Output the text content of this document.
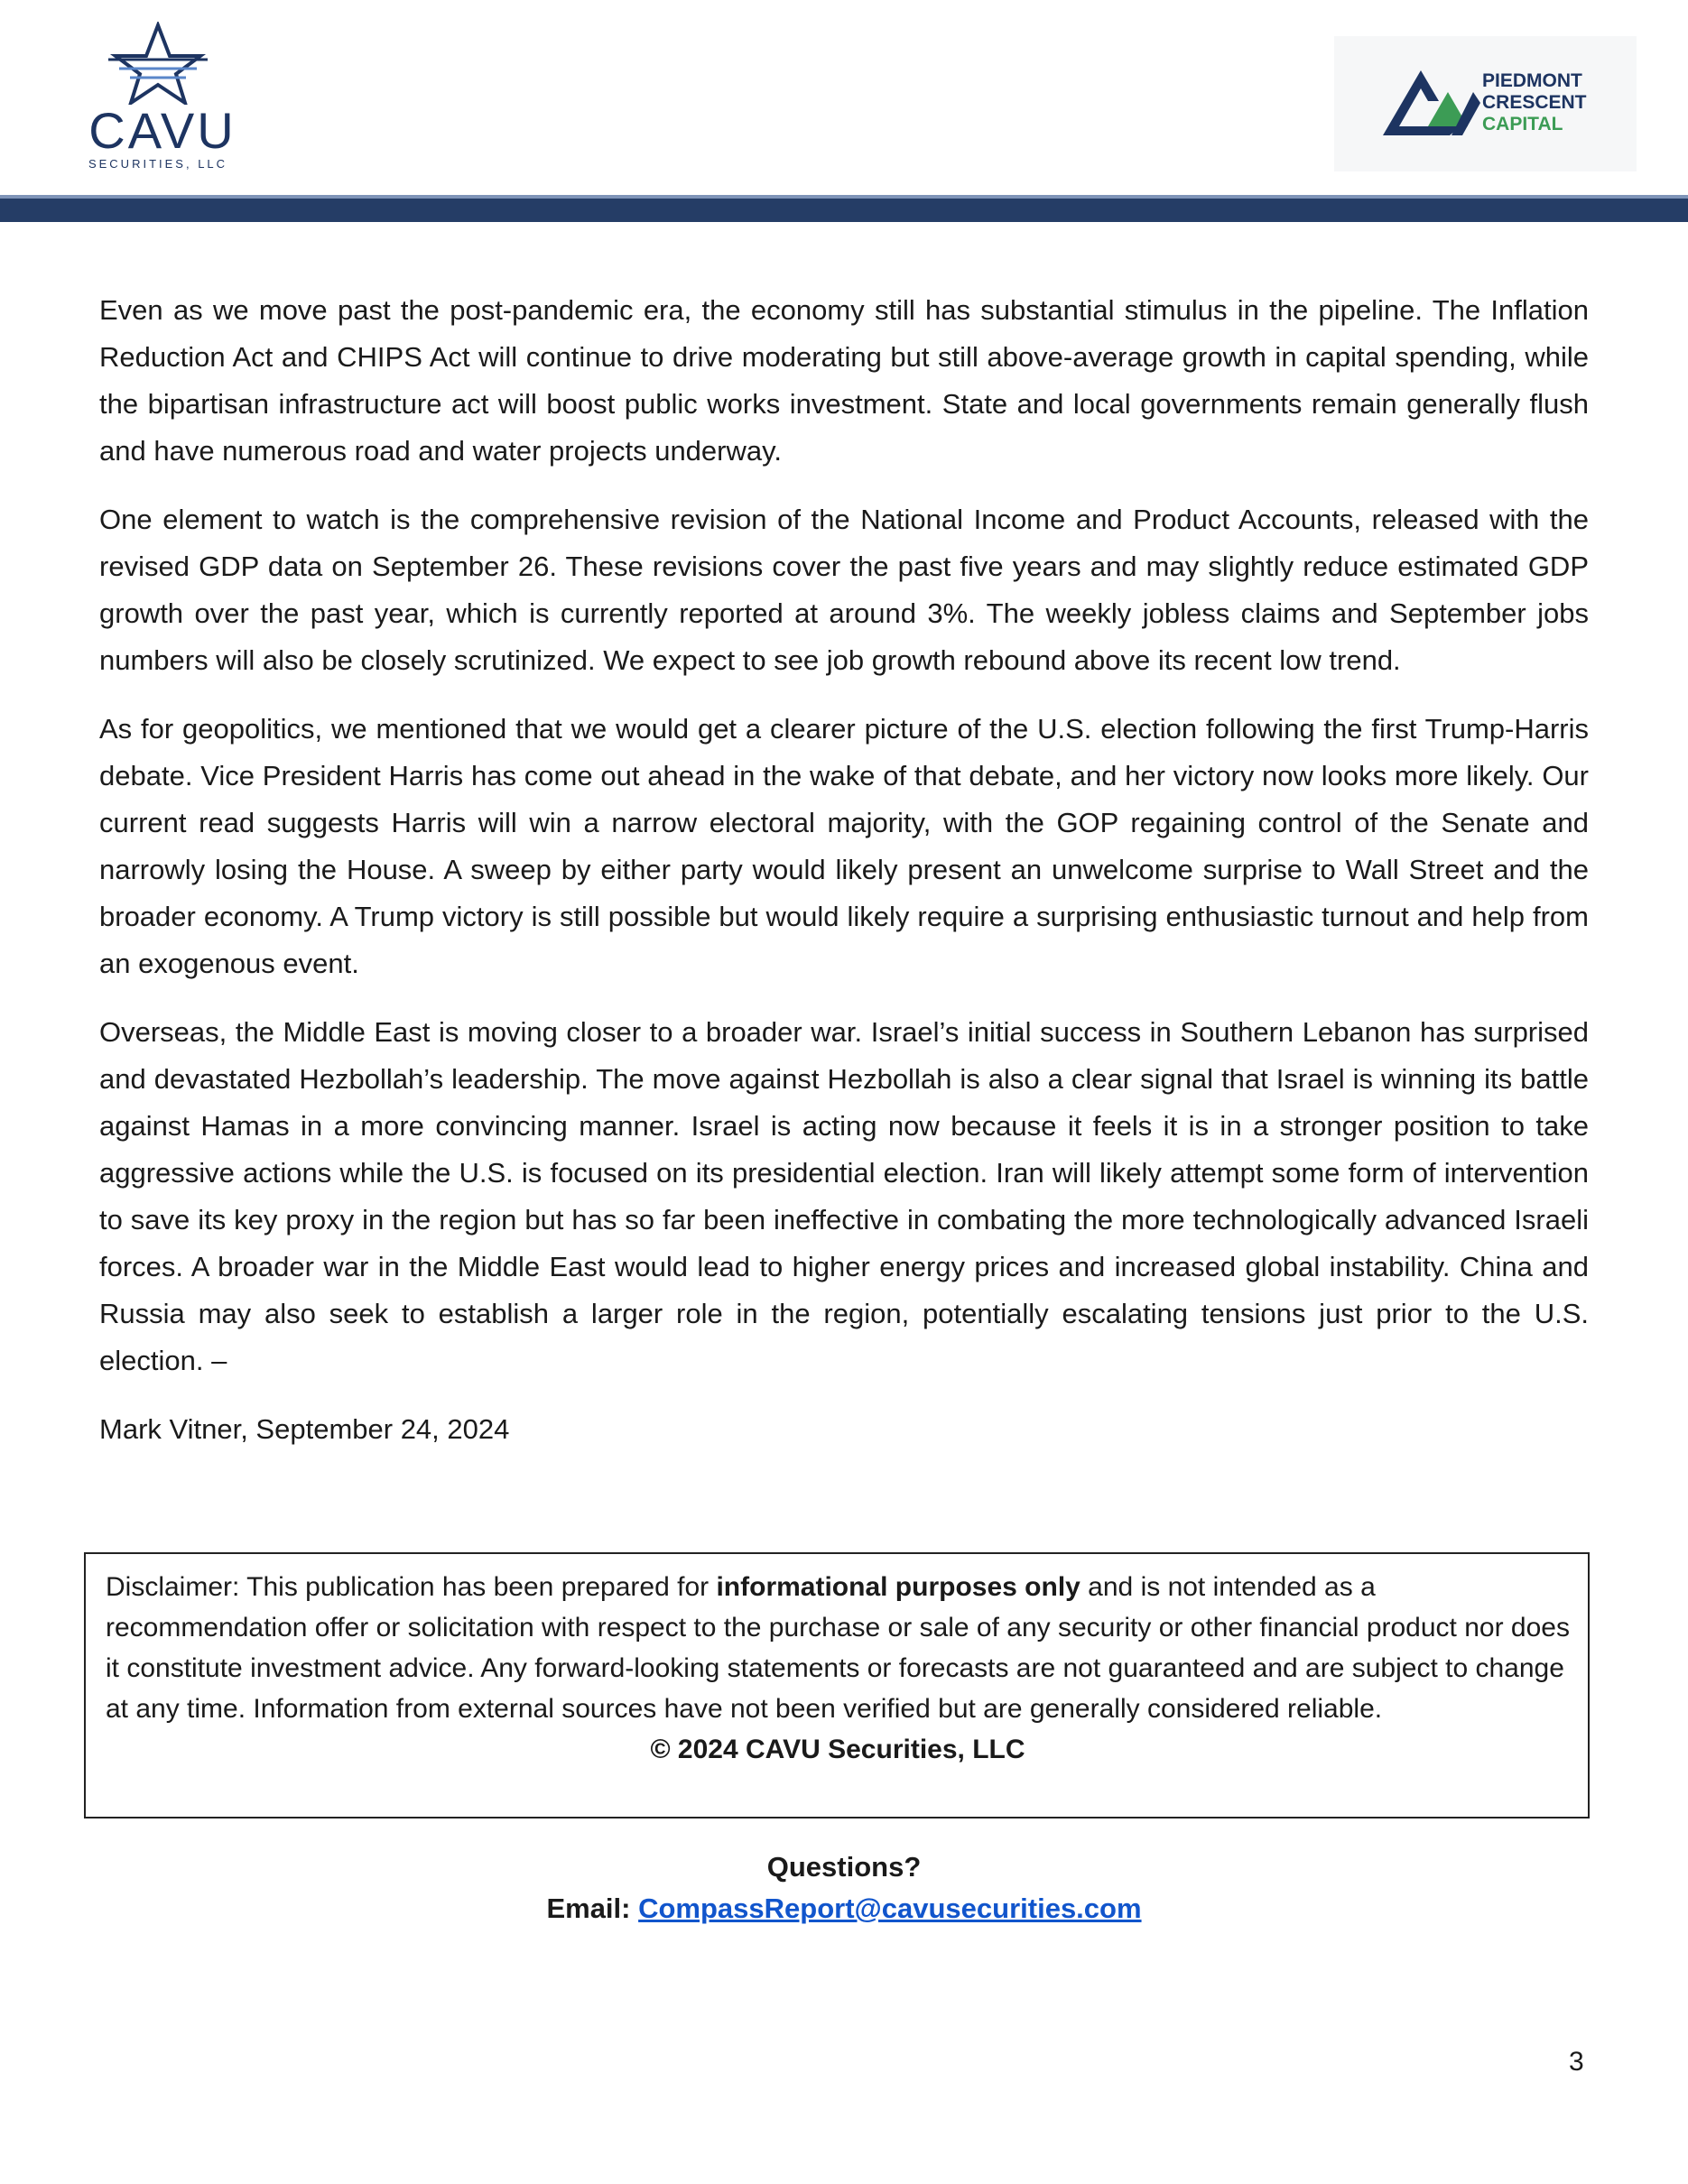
CAVU
SECURITIES, LLC
PIEDMONT
CRESCENT
CAPITAL

Even as we move past the post-pandemic era, the economy still has substantial stimulus in the pipeline. The Inflation Reduction Act and CHIPS Act will continue to drive moderating but still above-average growth in capital spending, while the bipartisan infrastructure act will boost public works investment. State and local governments remain generally flush and have numerous road and water projects underway.

One element to watch is the comprehensive revision of the National Income and Product Accounts, released with the revised GDP data on September 26. These revisions cover the past five years and may slightly reduce estimated GDP growth over the past year, which is currently reported at around 3%. The weekly jobless claims and September jobs numbers will also be closely scrutinized. We expect to see job growth rebound above its recent low trend.

As for geopolitics, we mentioned that we would get a clearer picture of the U.S. election following the first Trump-Harris debate. Vice President Harris has come out ahead in the wake of that debate, and her victory now looks more likely. Our current read suggests Harris will win a narrow electoral majority, with the GOP regaining control of the Senate and narrowly losing the House. A sweep by either party would likely present an unwelcome surprise to Wall Street and the broader economy. A Trump victory is still possible but would likely require a surprising enthusiastic turnout and help from an exogenous event.

Overseas, the Middle East is moving closer to a broader war. Israel’s initial success in Southern Lebanon has surprised and devastated Hezbollah’s leadership. The move against Hezbollah is also a clear signal that Israel is winning its battle against Hamas in a more convincing manner. Israel is acting now because it feels it is in a stronger position to take aggressive actions while the U.S. is focused on its presidential election. Iran will likely attempt some form of intervention to save its key proxy in the region but has so far been ineffective in combating the more technologically advanced Israeli forces. A broader war in the Middle East would lead to higher energy prices and increased global instability. China and Russia may also seek to establish a larger role in the region, potentially escalating tensions just prior to the U.S. election. –

Mark Vitner, September 24, 2024

Disclaimer: This publication has been prepared for informational purposes only and is not intended as a recommendation offer or solicitation with respect to the purchase or sale of any security or other financial product nor does it constitute investment advice. Any forward-looking statements or forecasts are not guaranteed and are subject to change at any time. Information from external sources have not been verified but are generally considered reliable.

© 2024 CAVU Securities, LLC

Questions?

Email: CompassReport@cavusecurities.com

3
